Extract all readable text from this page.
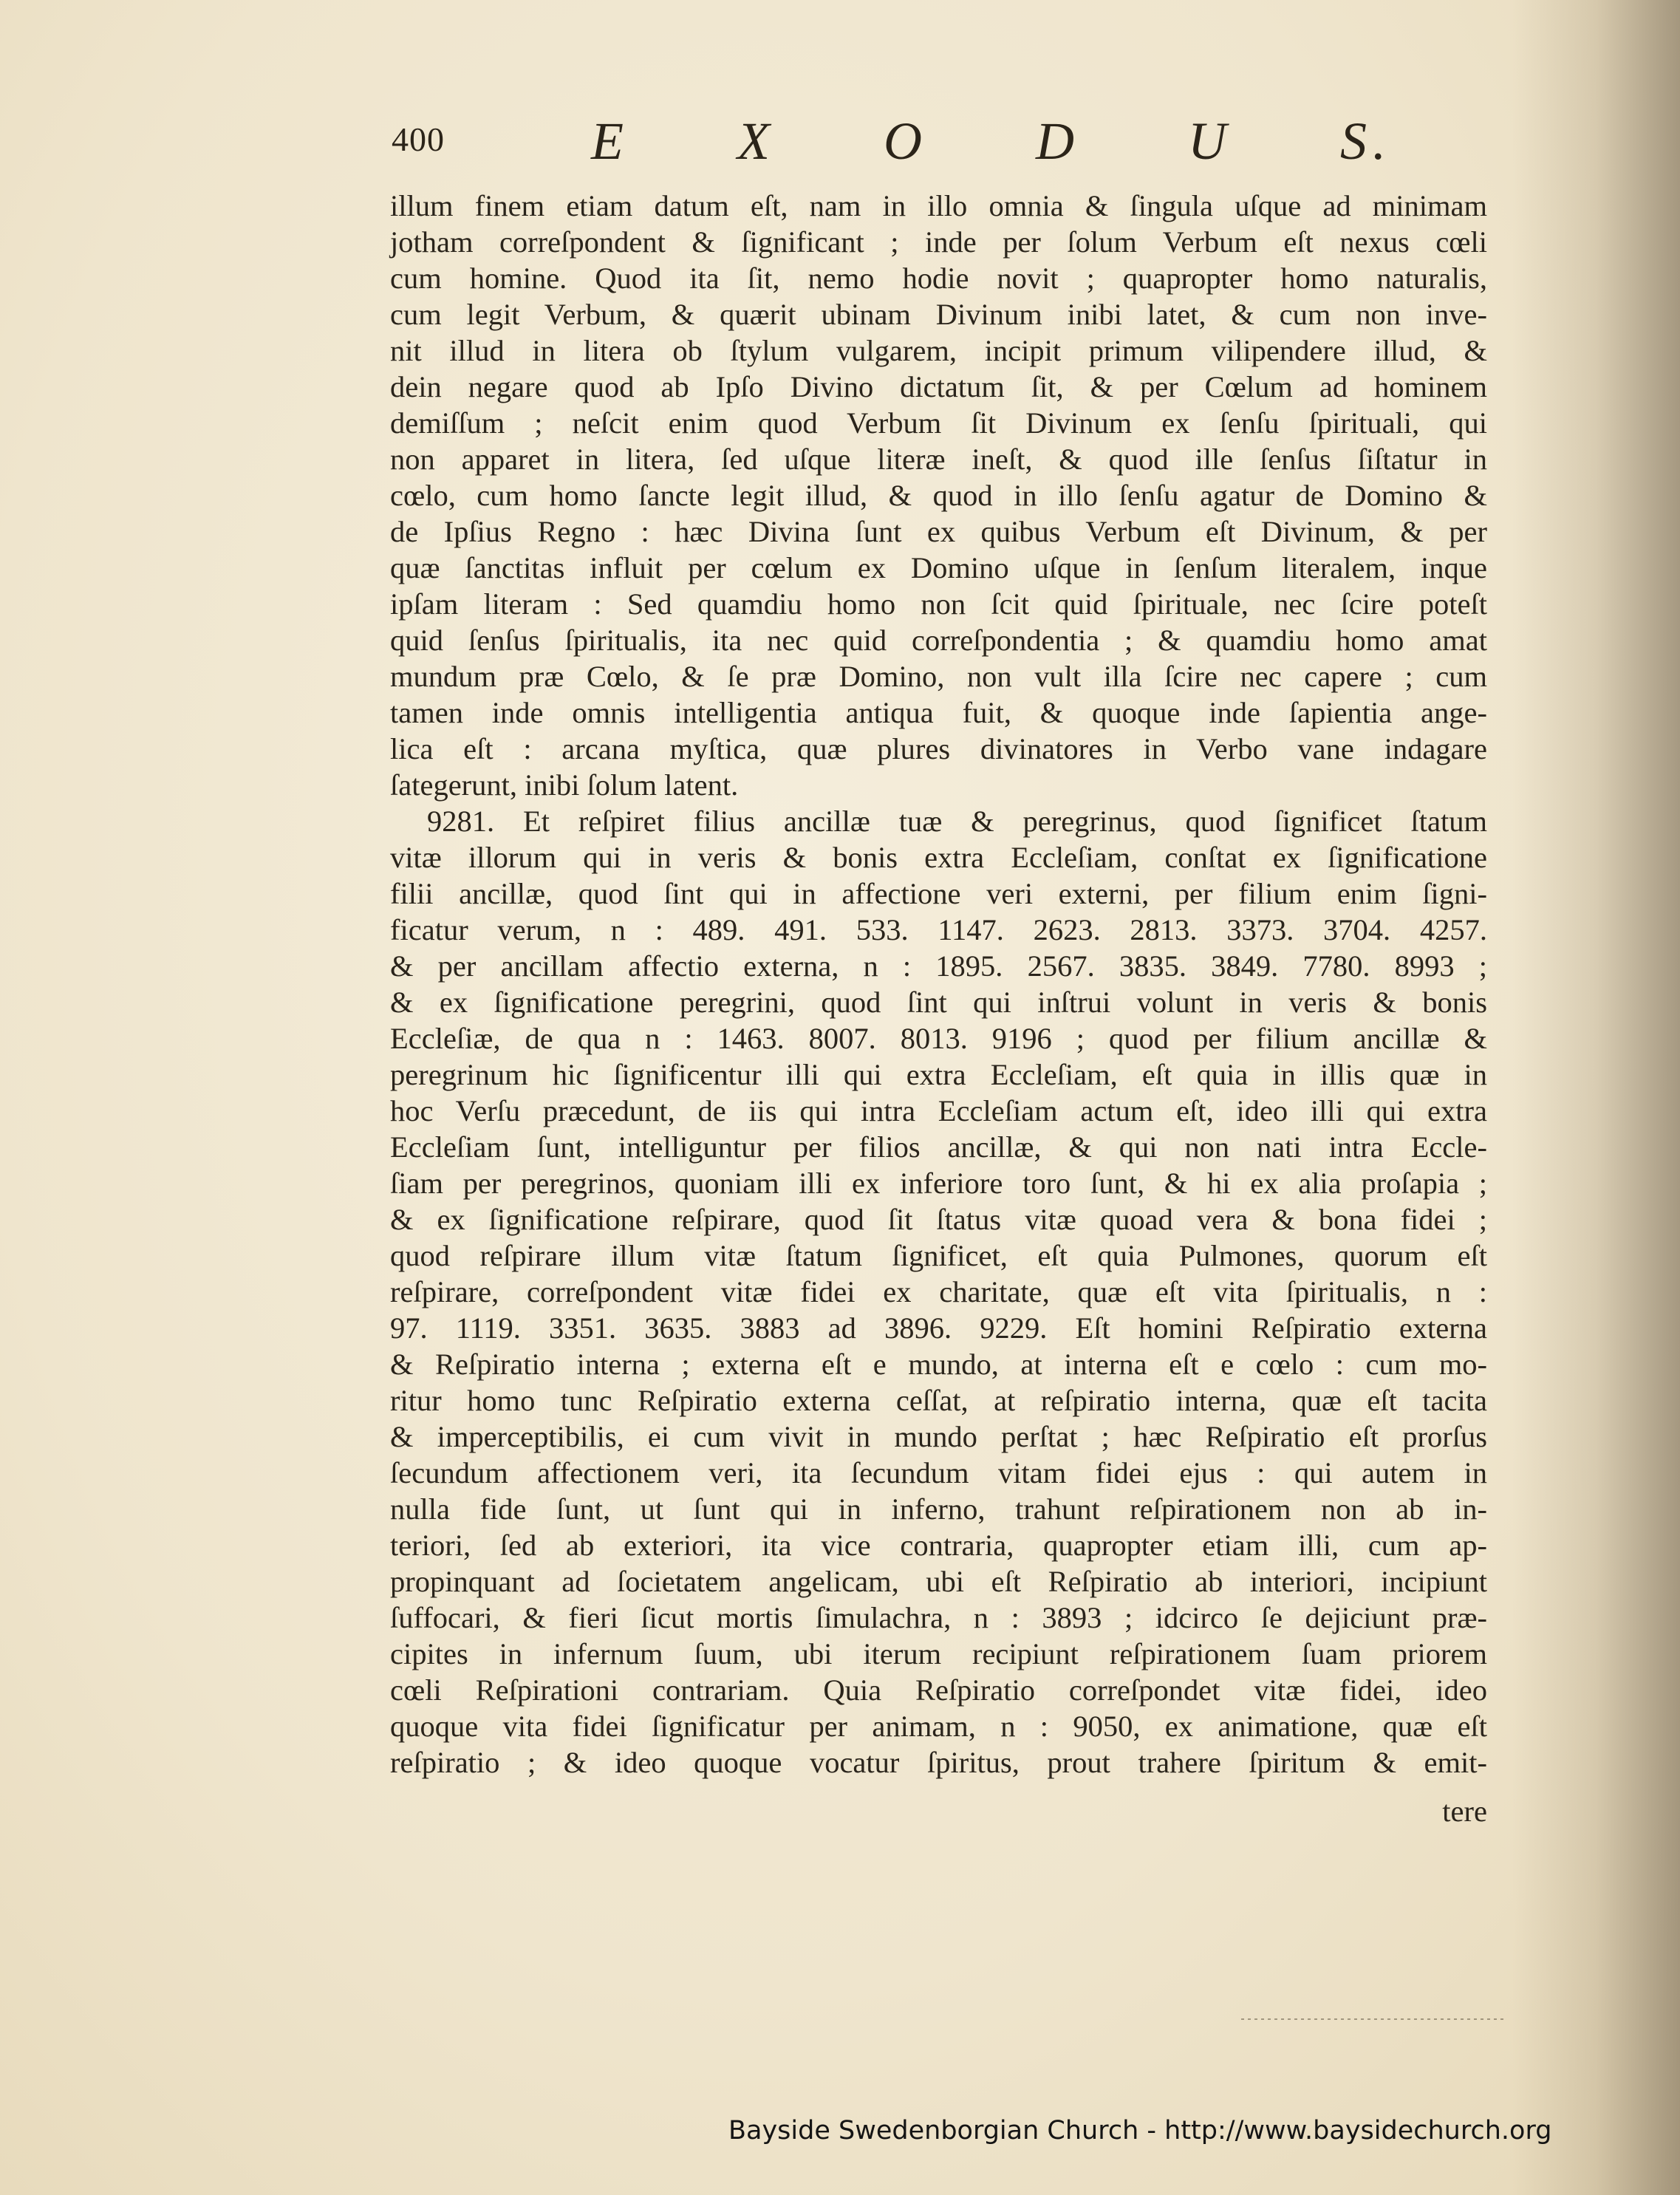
400	E X O D U S.
illum finem etiam datum eſt, nam in illo omnia & ſingula uſque ad minimam
jotham correſpondent & ſignificant ; inde per ſolum Verbum eſt nexus cœli
cum homine. Quod ita ſit, nemo hodie novit ; quapropter homo naturalis,
cum legit Verbum, & quærit ubinam Divinum inibi latet, & cum non inve-
nit illud in litera ob ſtylum vulgarem, incipit primum vilipendere illud, &
dein negare quod ab Ipſo Divino dictatum ſit, & per Cœlum ad hominem
demiſſum ; neſcit enim quod Verbum ſit Divinum ex ſenſu ſpirituali, qui
non apparet in litera, ſed uſque literæ ineſt, & quod ille ſenſus ſiſtatur in
cœlo, cum homo ſancte legit illud, & quod in illo ſenſu agatur de Domino &
de Ipſius Regno : hæc Divina ſunt ex quibus Verbum eſt Divinum, & per
quæ ſanctitas influit per cœlum ex Domino uſque in ſenſum literalem, inque
ipſam literam : Sed quamdiu homo non ſcit quid ſpirituale, nec ſcire poteſt
quid ſenſus ſpiritualis, ita nec quid correſpondentia ; & quamdiu homo amat
mundum præ Cœlo, & ſe præ Domino, non vult illa ſcire nec capere ; cum
tamen inde omnis intelligentia antiqua fuit, & quoque inde ſapientia ange-
lica eſt : arcana myſtica, quæ plures divinatores in Verbo vane indagare
ſategerunt, inibi ſolum latent.
9281. Et reſpiret filius ancillæ tuæ & peregrinus, quod ſignificet ſtatum
vitæ illorum qui in veris & bonis extra Eccleſiam, conſtat ex ſignificatione
filii ancillæ, quod ſint qui in affectione veri externi, per filium enim ſigni-
ficatur verum, n : 489. 491. 533. 1147. 2623. 2813. 3373. 3704. 4257.
& per ancillam affectio externa, n : 1895. 2567. 3835. 3849. 7780. 8993 ;
& ex ſignificatione peregrini, quod ſint qui inſtrui volunt in veris & bonis
Eccleſiæ, de qua n : 1463. 8007. 8013. 9196 ; quod per filium ancillæ &
peregrinum hic ſignificentur illi qui extra Eccleſiam, eſt quia in illis quæ in
hoc Verſu præcedunt, de iis qui intra Eccleſiam actum eſt, ideo illi qui extra
Eccleſiam ſunt, intelliguntur per filios ancillæ, & qui non nati intra Eccle-
ſiam per peregrinos, quoniam illi ex inferiore toro ſunt, & hi ex alia proſapia ;
& ex ſignificatione reſpirare, quod ſit ſtatus vitæ quoad vera & bona fidei ;
quod reſpirare illum vitæ ſtatum ſignificet, eſt quia Pulmones, quorum eſt
reſpirare, correſpondent vitæ fidei ex charitate, quæ eſt vita ſpiritualis, n :
97. 1119. 3351. 3635. 3883 ad 3896. 9229. Eſt homini Reſpiratio externa
& Reſpiratio interna ; externa eſt e mundo, at interna eſt e cœlo : cum mo-
ritur homo tunc Reſpiratio externa ceſſat, at reſpiratio interna, quæ eſt tacita
& imperceptibilis, ei cum vivit in mundo perſtat ; hæc Reſpiratio eſt prorſus
ſecundum affectionem veri, ita ſecundum vitam fidei ejus : qui autem in
nulla fide ſunt, ut ſunt qui in inferno, trahunt reſpirationem non ab in-
teriori, ſed ab exteriori, ita vice contraria, quapropter etiam illi, cum ap-
propinquant ad ſocietatem angelicam, ubi eſt Reſpiratio ab interiori, incipiunt
ſuffocari, & fieri ſicut mortis ſimulachra, n : 3893 ; idcirco ſe dejiciunt præ-
cipites in infernum ſuum, ubi iterum recipiunt reſpirationem ſuam priorem
cœli Reſpirationi contrariam. Quia Reſpiratio correſpondet vitæ fidei, ideo
quoque vita fidei ſignificatur per animam, n : 9050, ex animatione, quæ eſt
reſpiratio ; & ideo quoque vocatur ſpiritus, prout trahere ſpiritum & emit-
tere
Bayside Swedenborgian Church - http://www.baysidechurch.org
